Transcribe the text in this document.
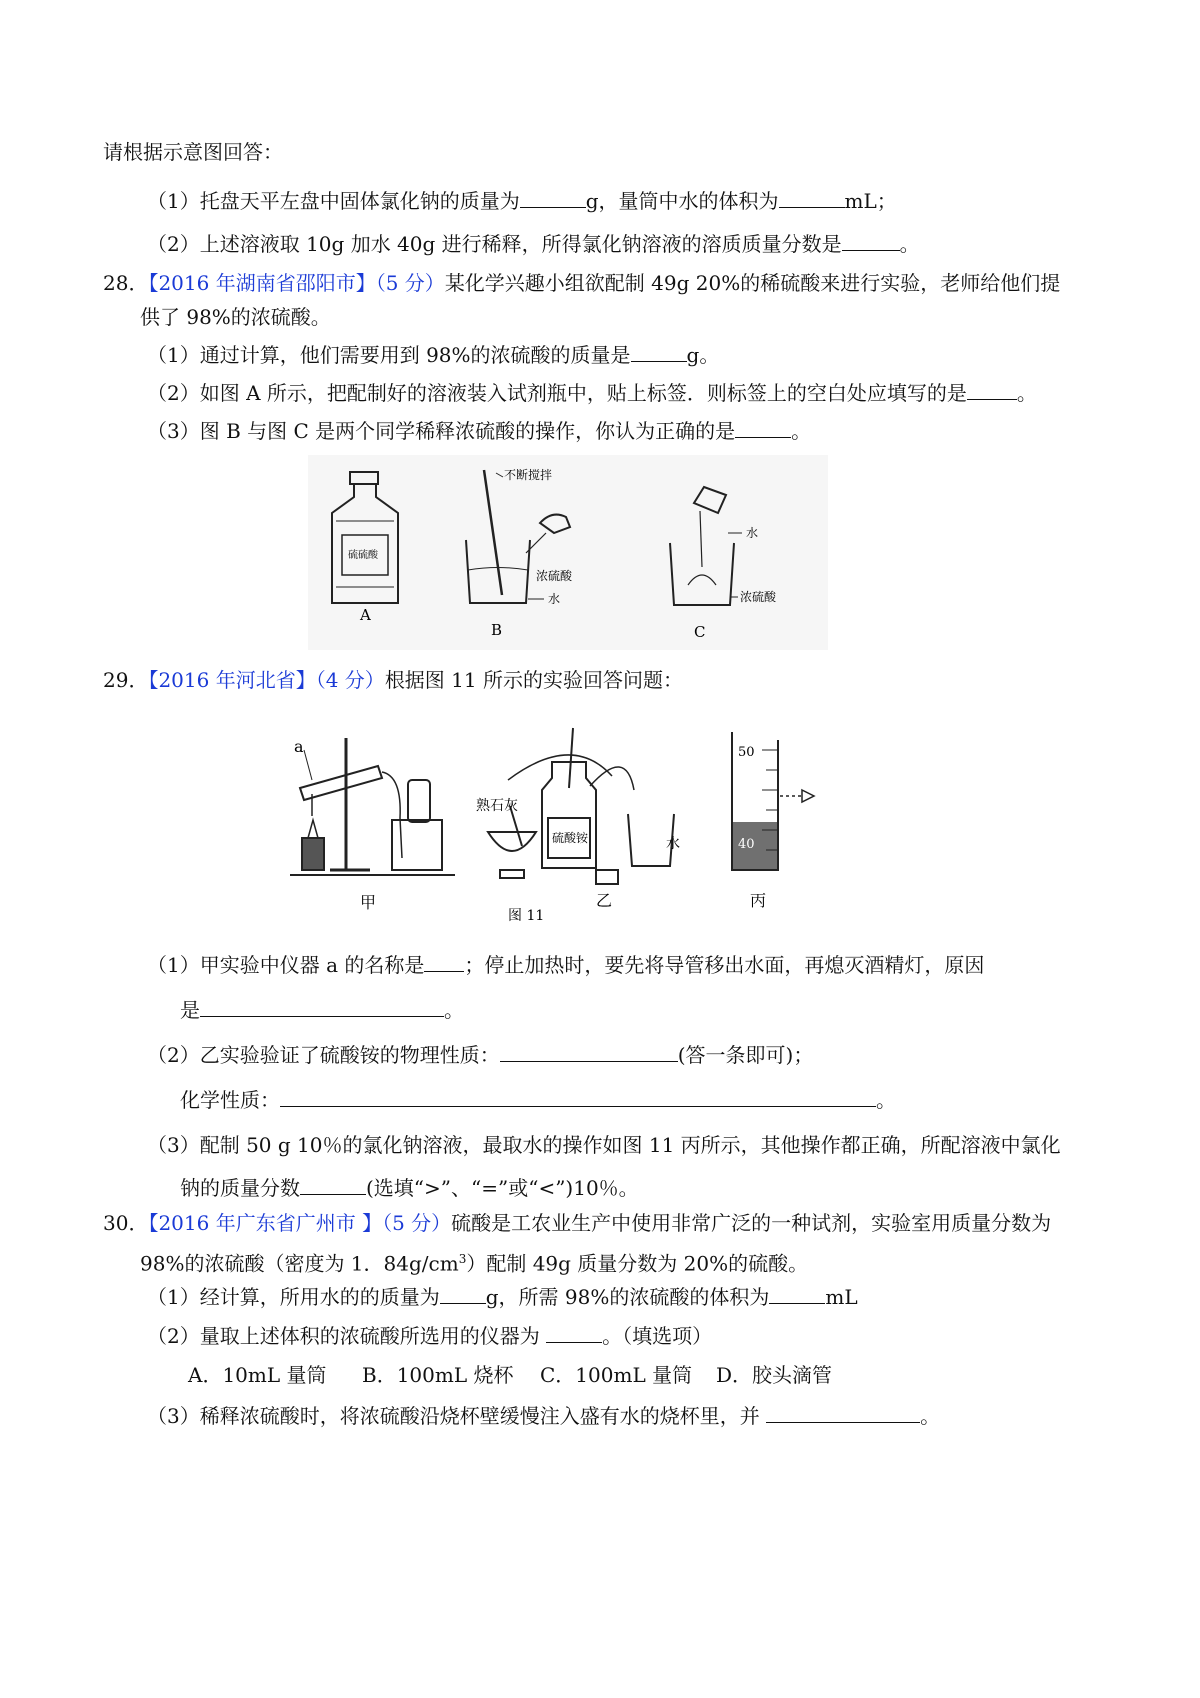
请根据示意图回答：
（1）托盘天平左盘中固体氯化钠的质量为	g，量筒中水的体积为	mL；
（2）上述溶液取 10g 加水 40g 进行稀释，所得氯化钠溶液的溶质质量分数是	。
28．【2016 年湖南省邵阳市】（5 分）某化学兴趣小组欲配制 49g 20%的稀硫酸来进行实验，老师给他们提
供了 98%的浓硫酸。
（1）通过计算，他们需要用到 98%的浓硫酸的质量是	g。
（2）如图 A 所示，把配制好的溶液装入试剂瓶中，贴上标签．则标签上的空白处应填写的是	。
（3）图 B 与图 C 是两个同学稀释浓硫酸的操作，你认为正确的是	。
硫硫酸
A
不断搅拌
浓硫酸
水
B
水
浓硫酸
C
29．【2016 年河北省】（4 分）根据图 11 所示的实验回答问题：
a
甲
熟石灰
硫酸铵	水
乙
图 11
50
40
丙
（1）甲实验中仪器 a 的名称是 ；停止加热时，要先将导管移出水面，再熄灭酒精灯，原因
是	。
（2）乙实验验证了硫酸铵的物理性质：	(答一条即可)；
化学性质：	。
（3）配制 50 g 10％的氯化钠溶液，最取水的操作如图 11 丙所示，其他操作都正确，所配溶液中氯化
钠的质量分数	(选填“>”、“=”或“<”)10％。
30．【2016 年广东省广州市 】（5 分）硫酸是工农业生产中使用非常广泛的一种试剂，实验室用质量分数为
98%的浓硫酸（密度为 1．$84g/cm^3$）配制 49g 质量分数为 20%的硫酸。
（1）经计算，所用水的的质量为 g，所需 98%的浓硫酸的体积为	mL
（2）量取上述体积的浓硫酸所选用的仪器为	。（填选项）
A．10mL 量筒 B．100mL 烧杯 C．100mL 量筒 D．胶头滴管
（3）稀释浓硫酸时，将浓硫酸沿烧杯壁缓慢注入盛有水的烧杯里，并	。
